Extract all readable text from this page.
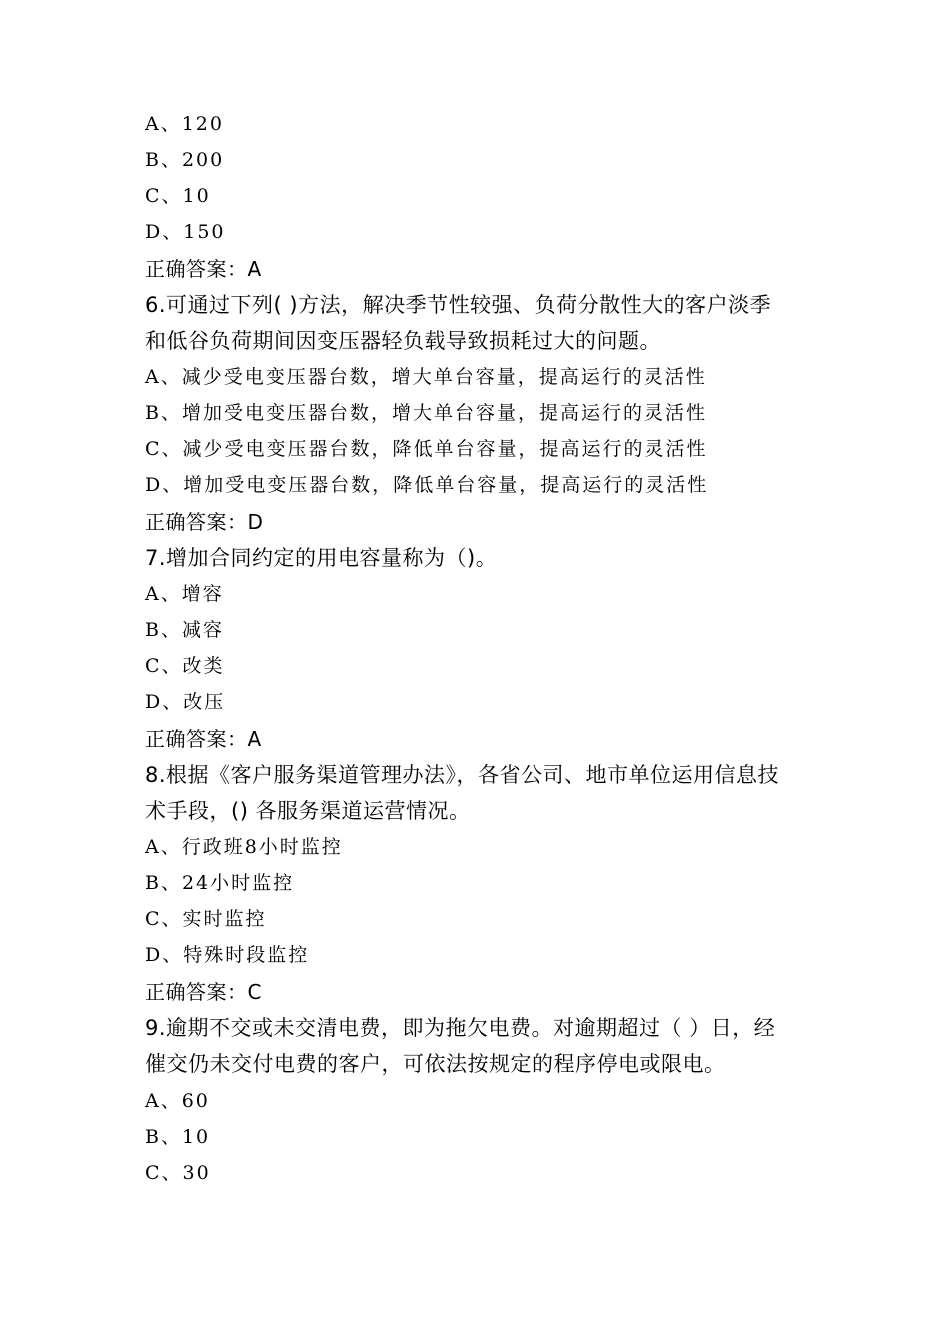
A、120
B、200
C、10
D、150
正确答案：A
6.可通过下列( )方法，解决季节性较强、负荷分散性大的客户淡季
和低谷负荷期间因变压器轻负载导致损耗过大的问题。
A、减少受电变压器台数，增大单台容量，提高运行的灵活性
B、增加受电变压器台数，增大单台容量，提高运行的灵活性
C、减少受电变压器台数，降低单台容量，提高运行的灵活性
D、增加受电变压器台数，降低单台容量，提高运行的灵活性
正确答案：D
7.增加合同约定的用电容量称为（)。
A、增容
B、减容
C、改类
D、改压
正确答案：A
8.根据《客户服务渠道管理办法》，各省公司、地市单位运用信息技
术手段，() 各服务渠道运营情况。
A、行政班8小时监控
B、24小时监控
C、实时监控
D、特殊时段监控
正确答案：C
9.逾期不交或未交清电费，即为拖欠电费。对逾期超过（ ）日，经
催交仍未交付电费的客户，可依法按规定的程序停电或限电。
A、60
B、10
C、30
